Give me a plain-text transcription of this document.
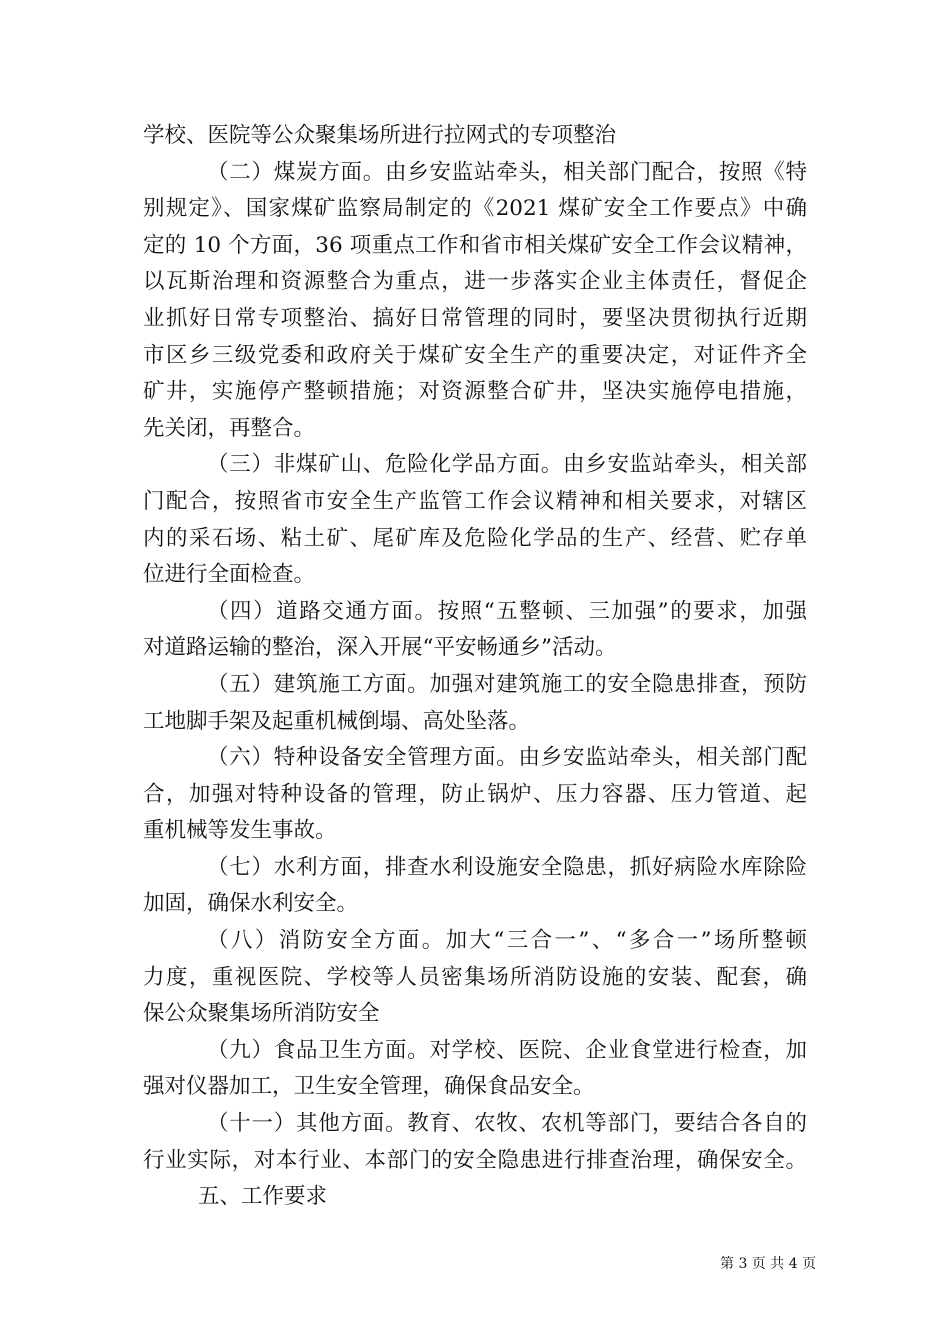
学校、医院等公众聚集场所进行拉网式的专项整治
（二）煤炭方面。由乡安监站牵头，相关部门配合，按照《特
别规定》、国家煤矿监察局制定的《2021 煤矿安全工作要点》中确
定的 10 个方面，36 项重点工作和省市相关煤矿安全工作会议精神，
以瓦斯治理和资源整合为重点，进一步落实企业主体责任，督促企
业抓好日常专项整治、搞好日常管理的同时，要坚决贯彻执行近期
市区乡三级党委和政府关于煤矿安全生产的重要决定，对证件齐全
矿井，实施停产整顿措施；对资源整合矿井，坚决实施停电措施，
先关闭，再整合。
（三）非煤矿山、危险化学品方面。由乡安监站牵头，相关部
门配合，按照省市安全生产监管工作会议精神和相关要求，对辖区
内的采石场、粘土矿、尾矿库及危险化学品的生产、经营、贮存单
位进行全面检查。
（四）道路交通方面。按照“五整顿、三加强”的要求，加强
对道路运输的整治，深入开展“平安畅通乡”活动。
（五）建筑施工方面。加强对建筑施工的安全隐患排查，预防
工地脚手架及起重机械倒塌、高处坠落。
（六）特种设备安全管理方面。由乡安监站牵头，相关部门配
合，加强对特种设备的管理，防止锅炉、压力容器、压力管道、起
重机械等发生事故。
（七）水利方面，排查水利设施安全隐患，抓好病险水库除险
加固，确保水利安全。
（八）消防安全方面。加大“三合一”、“多合一”场所整顿
力度，重视医院、学校等人员密集场所消防设施的安装、配套，确
保公众聚集场所消防安全
（九）食品卫生方面。对学校、医院、企业食堂进行检查，加
强对仪器加工，卫生安全管理，确保食品安全。
（十一）其他方面。教育、农牧、农机等部门，要结合各自的
行业实际，对本行业、本部门的安全隐患进行排查治理，确保安全。
五、工作要求
第 3 页 共 4 页
